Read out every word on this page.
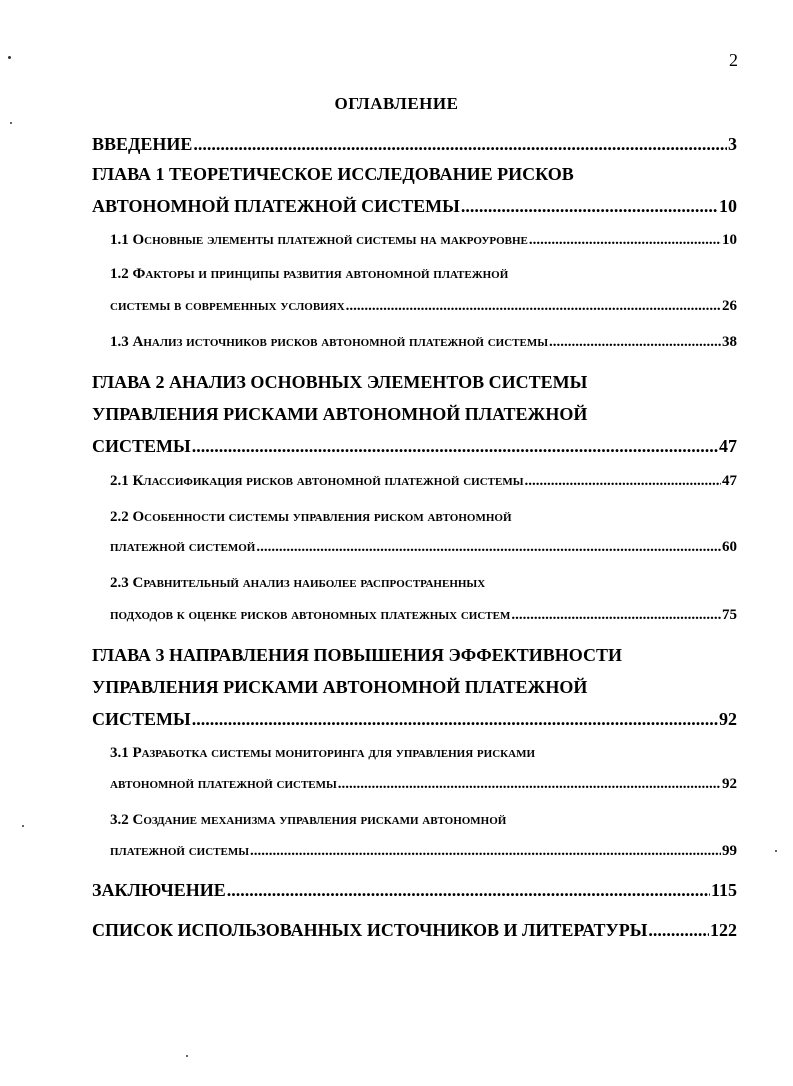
2
ОГЛАВЛЕНИЕ
ВВЕДЕНИЕ .....	3
ГЛАВА 1 ТЕОРЕТИЧЕСКОЕ ИССЛЕДОВАНИЕ РИСКОВ
АВТОНОМНОЙ ПЛАТЕЖНОЙ СИСТЕМЫ .....	10
1.1 Основные элементы платежной системы на макроуровне .....	10
1.2 Факторы и принципы развития автономной платежной
системы в современных условиях .....	26
1.3 Анализ источников рисков автономной платежной системы .....	38
ГЛАВА 2 АНАЛИЗ ОСНОВНЫХ ЭЛЕМЕНТОВ СИСТЕМЫ
УПРАВЛЕНИЯ РИСКАМИ АВТОНОМНОЙ ПЛАТЕЖНОЙ
СИСТЕМЫ .....	47
2.1 Классификация рисков автономной платежной системы .....	47
2.2 Особенности системы управления риском автономной
платежной системой .....	60
2.3 Сравнительный анализ наиболее распространенных
подходов к оценке рисков автономных платежных систем .....	75
ГЛАВА 3 НАПРАВЛЕНИЯ ПОВЫШЕНИЯ ЭФФЕКТИВНОСТИ
УПРАВЛЕНИЯ РИСКАМИ АВТОНОМНОЙ ПЛАТЕЖНОЙ
СИСТЕМЫ .....	92
3.1 Разработка системы мониторинга для управления рисками
автономной платежной системы .....	92
3.2 Создание механизма управления рисками автономной
платежной системы .....	99
ЗАКЛЮЧЕНИЕ .....	115
СПИСОК ИСПОЛЬЗОВАННЫХ ИСТОЧНИКОВ И ЛИТЕРАТУРЫ .....	122
